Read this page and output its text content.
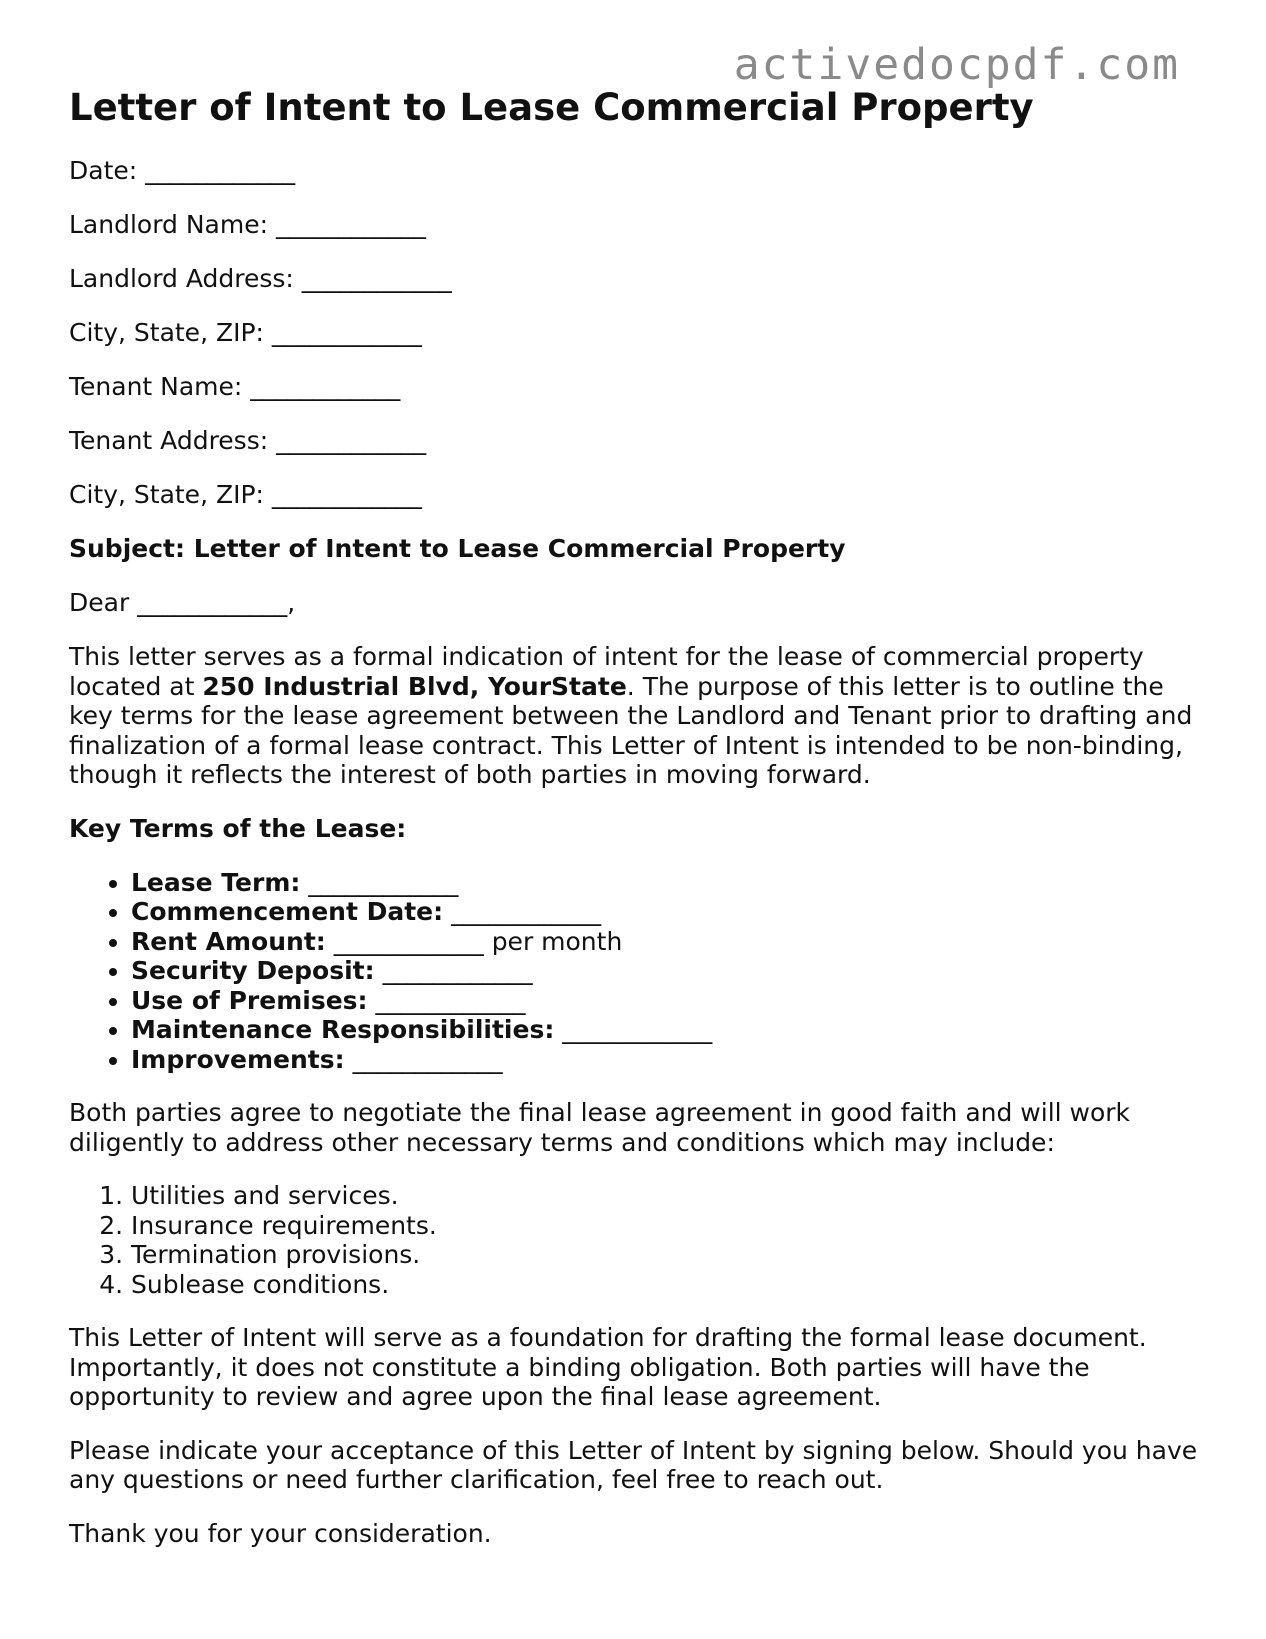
activedocpdf.com
Letter of Intent to Lease Commercial Property
Date: ____________
Landlord Name: ____________
Landlord Address: ____________
City, State, ZIP: ____________
Tenant Name: ____________
Tenant Address: ____________
City, State, ZIP: ____________
Subject: Letter of Intent to Lease Commercial Property
Dear ____________,

This letter serves as a formal indication of intent for the lease of commercial property located at 250 Industrial Blvd, YourState. The purpose of this letter is to outline the key terms for the lease agreement between the Landlord and Tenant prior to drafting and finalization of a formal lease contract. This Letter of Intent is intended to be non-binding, though it reflects the interest of both parties in moving forward.

Key Terms of the Lease:
• Lease Term: ____________
• Commencement Date: ____________
• Rent Amount: ____________ per month
• Security Deposit: ____________
• Use of Premises: ____________
• Maintenance Responsibilities: ____________
• Improvements: ____________

Both parties agree to negotiate the final lease agreement in good faith and will work diligently to address other necessary terms and conditions which may include:

1. Utilities and services.
2. Insurance requirements.
3. Termination provisions.
4. Sublease conditions.

This Letter of Intent will serve as a foundation for drafting the formal lease document. Importantly, it does not constitute a binding obligation. Both parties will have the opportunity to review and agree upon the final lease agreement.

Please indicate your acceptance of this Letter of Intent by signing below. Should you have any questions or need further clarification, feel free to reach out.

Thank you for your consideration.
